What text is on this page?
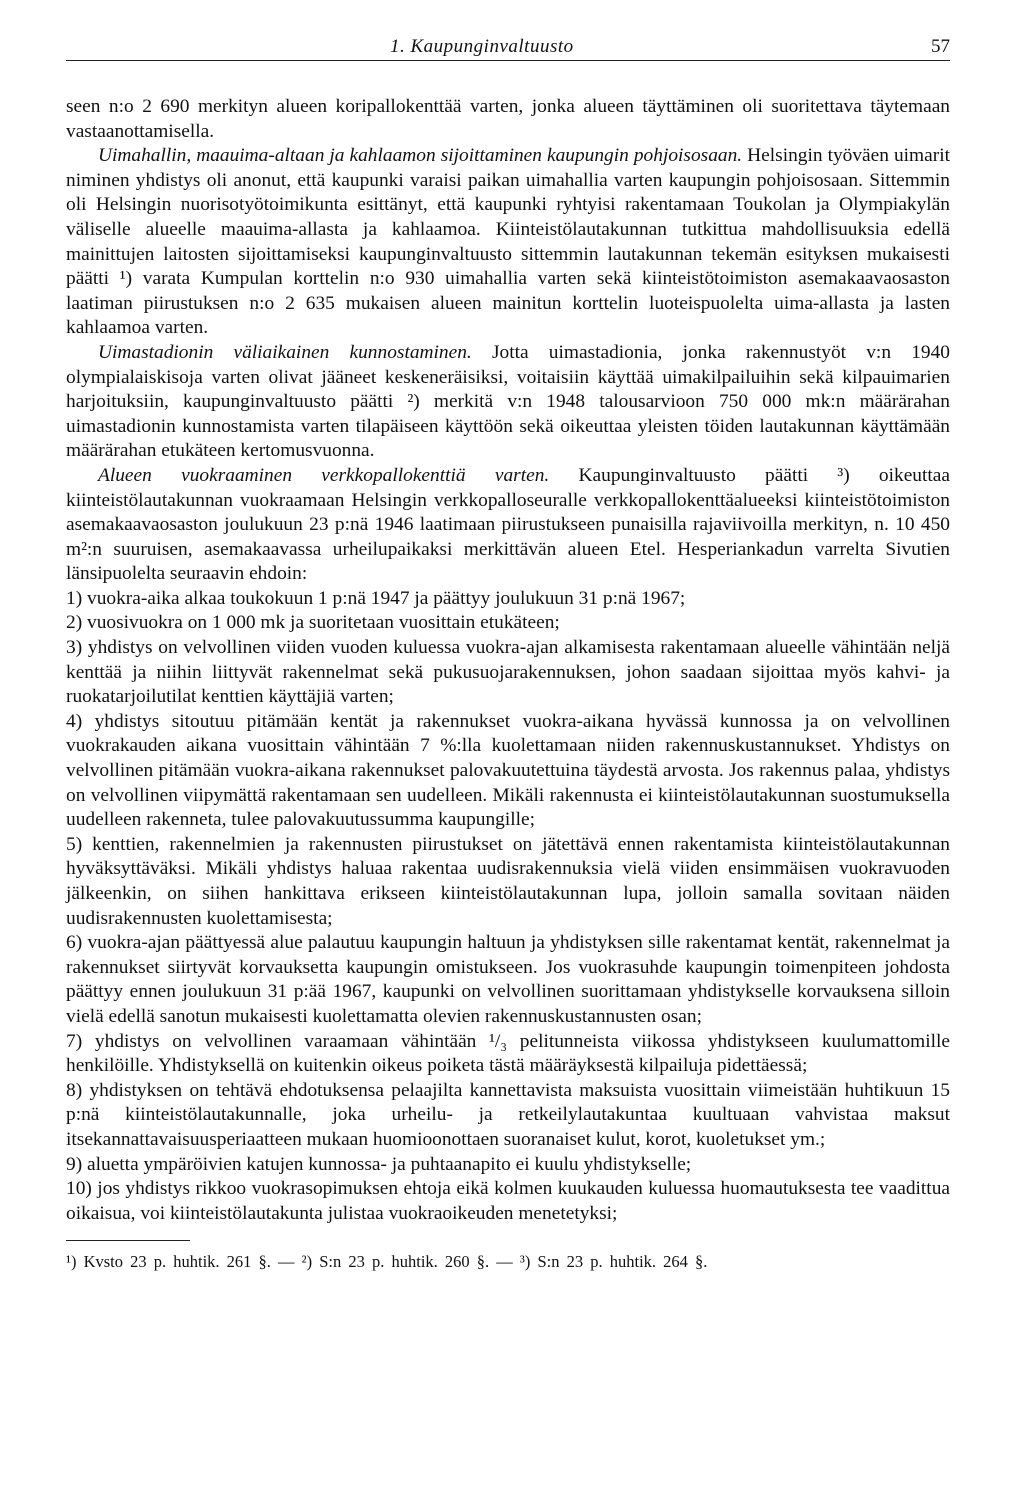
1. Kaupunginvaltuusto	57

seen n:o 2 690 merkityn alueen koripallokenttää varten, jonka alueen täyttäminen oli suoritettava täytemaan vastaanottamisella.

Uimahallin, maauima-altaan ja kahlaamon sijoittaminen kaupungin pohjoisosaan. Helsingin työväen uimarit niminen yhdistys oli anonut, että kaupunki varaisi paikan uimahallia varten kaupungin pohjoisosaan. Sittemmin oli Helsingin nuorisotyötoimikunta esittänyt, että kaupunki ryhtyisi rakentamaan Toukolan ja Olympiakylän väliselle alueelle maauima-allasta ja kahlaamoa. Kiinteistölautakunnan tutkittua mahdollisuuksia edellä mainittujen laitosten sijoittamiseksi kaupunginvaltuusto sittemmin lautakunnan tekemän esityksen mukaisesti päätti ¹) varata Kumpulan korttelin n:o 930 uimahallia varten sekä kiinteistötoimiston asemakaavaosaston laatiman piirustuksen n:o 2 635 mukaisen alueen mainitun korttelin luoteispuolelta uima-allasta ja lasten kahlaamoa varten.

Uimastadionin väliaikainen kunnostaminen. Jotta uimastadionia, jonka rakennustyöt v:n 1940 olympialaiskisoja varten olivat jääneet keskeneräisiksi, voitaisiin käyttää uimakilpailuihin sekä kilpauimarien harjoituksiin, kaupunginvaltuusto päätti ²) merkitä v:n 1948 talousarvioon 750 000 mk:n määrärahan uimastadionin kunnostamista varten tilapäiseen käyttöön sekä oikeuttaa yleisten töiden lautakunnan käyttämään määrärahan etukäteen kertomusvuonna.

Alueen vuokraaminen verkkopallokenttiä varten. Kaupunginvaltuusto päätti ³) oikeuttaa kiinteistölautakunnan vuokraamaan Helsingin verkkopalloseuralle verkkopallokenttäalueeksi kiinteistötoimiston asemakaavaosaston joulukuun 23 p:nä 1946 laatimaan piirustukseen punaisilla rajaviivoilla merkityn, n. 10 450 m²:n suuruisen, asemakaavassa urheilupaikaksi merkittävän alueen Etel. Hesperiankadun varrelta Sivutien länsipuolelta seuraavin ehdoin:

1) vuokra-aika alkaa toukokuun 1 p:nä 1947 ja päättyy joulukuun 31 p:nä 1967;

2) vuosivuokra on 1 000 mk ja suoritetaan vuosittain etukäteen;

3) yhdistys on velvollinen viiden vuoden kuluessa vuokra-ajan alkamisesta rakentamaan alueelle vähintään neljä kenttää ja niihin liittyvät rakennelmat sekä pukusuojarakennuksen, johon saadaan sijoittaa myös kahvi- ja ruokatarjoilutilat kenttien käyttäjiä varten;

4) yhdistys sitoutuu pitämään kentät ja rakennukset vuokra-aikana hyvässä kunnossa ja on velvollinen vuokrakauden aikana vuosittain vähintään 7 %:lla kuolettamaan niiden rakennuskustannukset. Yhdistys on velvollinen pitämään vuokra-aikana rakennukset palovakuutettuina täydestä arvosta. Jos rakennus palaa, yhdistys on velvollinen viipymättä rakentamaan sen uudelleen. Mikäli rakennusta ei kiinteistölautakunnan suostumuksella uudelleen rakenneta, tulee palovakuutussumma kaupungille;

5) kenttien, rakennelmien ja rakennusten piirustukset on jätettävä ennen rakentamista kiinteistölautakunnan hyväksyttäväksi. Mikäli yhdistys haluaa rakentaa uudisrakennuksia vielä viiden ensimmäisen vuokravuoden jälkeenkin, on siihen hankittava erikseen kiinteistölautakunnan lupa, jolloin samalla sovitaan näiden uudisrakennusten kuolettamisesta;

6) vuokra-ajan päättyessä alue palautuu kaupungin haltuun ja yhdistyksen sille rakentamat kentät, rakennelmat ja rakennukset siirtyvät korvauksetta kaupungin omistukseen. Jos vuokrasuhde kaupungin toimenpiteen johdosta päättyy ennen joulukuun 31 p:ää 1967, kaupunki on velvollinen suorittamaan yhdistykselle korvauksena silloin vielä edellä sanotun mukaisesti kuolettamatta olevien rakennuskustannusten osan;

7) yhdistys on velvollinen varaamaan vähintään ¹/₃ pelitunneista viikossa yhdistykseen kuulumattomille henkilöille. Yhdistyksellä on kuitenkin oikeus poiketa tästä määräyksestä kilpailuja pidettäessä;

8) yhdistyksen on tehtävä ehdotuksensa pelaajilta kannettavista maksuista vuosittain viimeistään huhtikuun 15 p:nä kiinteistölautakunnalle, joka urheilu- ja retkeilylautakuntaa kuultuaan vahvistaa maksut itsekannattavaisuusperiaatteen mukaan huomioonottaen suoranaiset kulut, korot, kuoletukset ym.;

9) aluetta ympäröivien katujen kunnossa- ja puhtaanapito ei kuulu yhdistykselle;

10) jos yhdistys rikkoo vuokrasopimuksen ehtoja eikä kolmen kuukauden kuluessa huomautuksesta tee vaadittua oikaisua, voi kiinteistölautakunta julistaa vuokraoikeuden menetetyksi;

¹) Kvsto 23 p. huhtik. 261 §. — ²) S:n 23 p. huhtik. 260 §. — ³) S:n 23 p. huhtik. 264 §.
